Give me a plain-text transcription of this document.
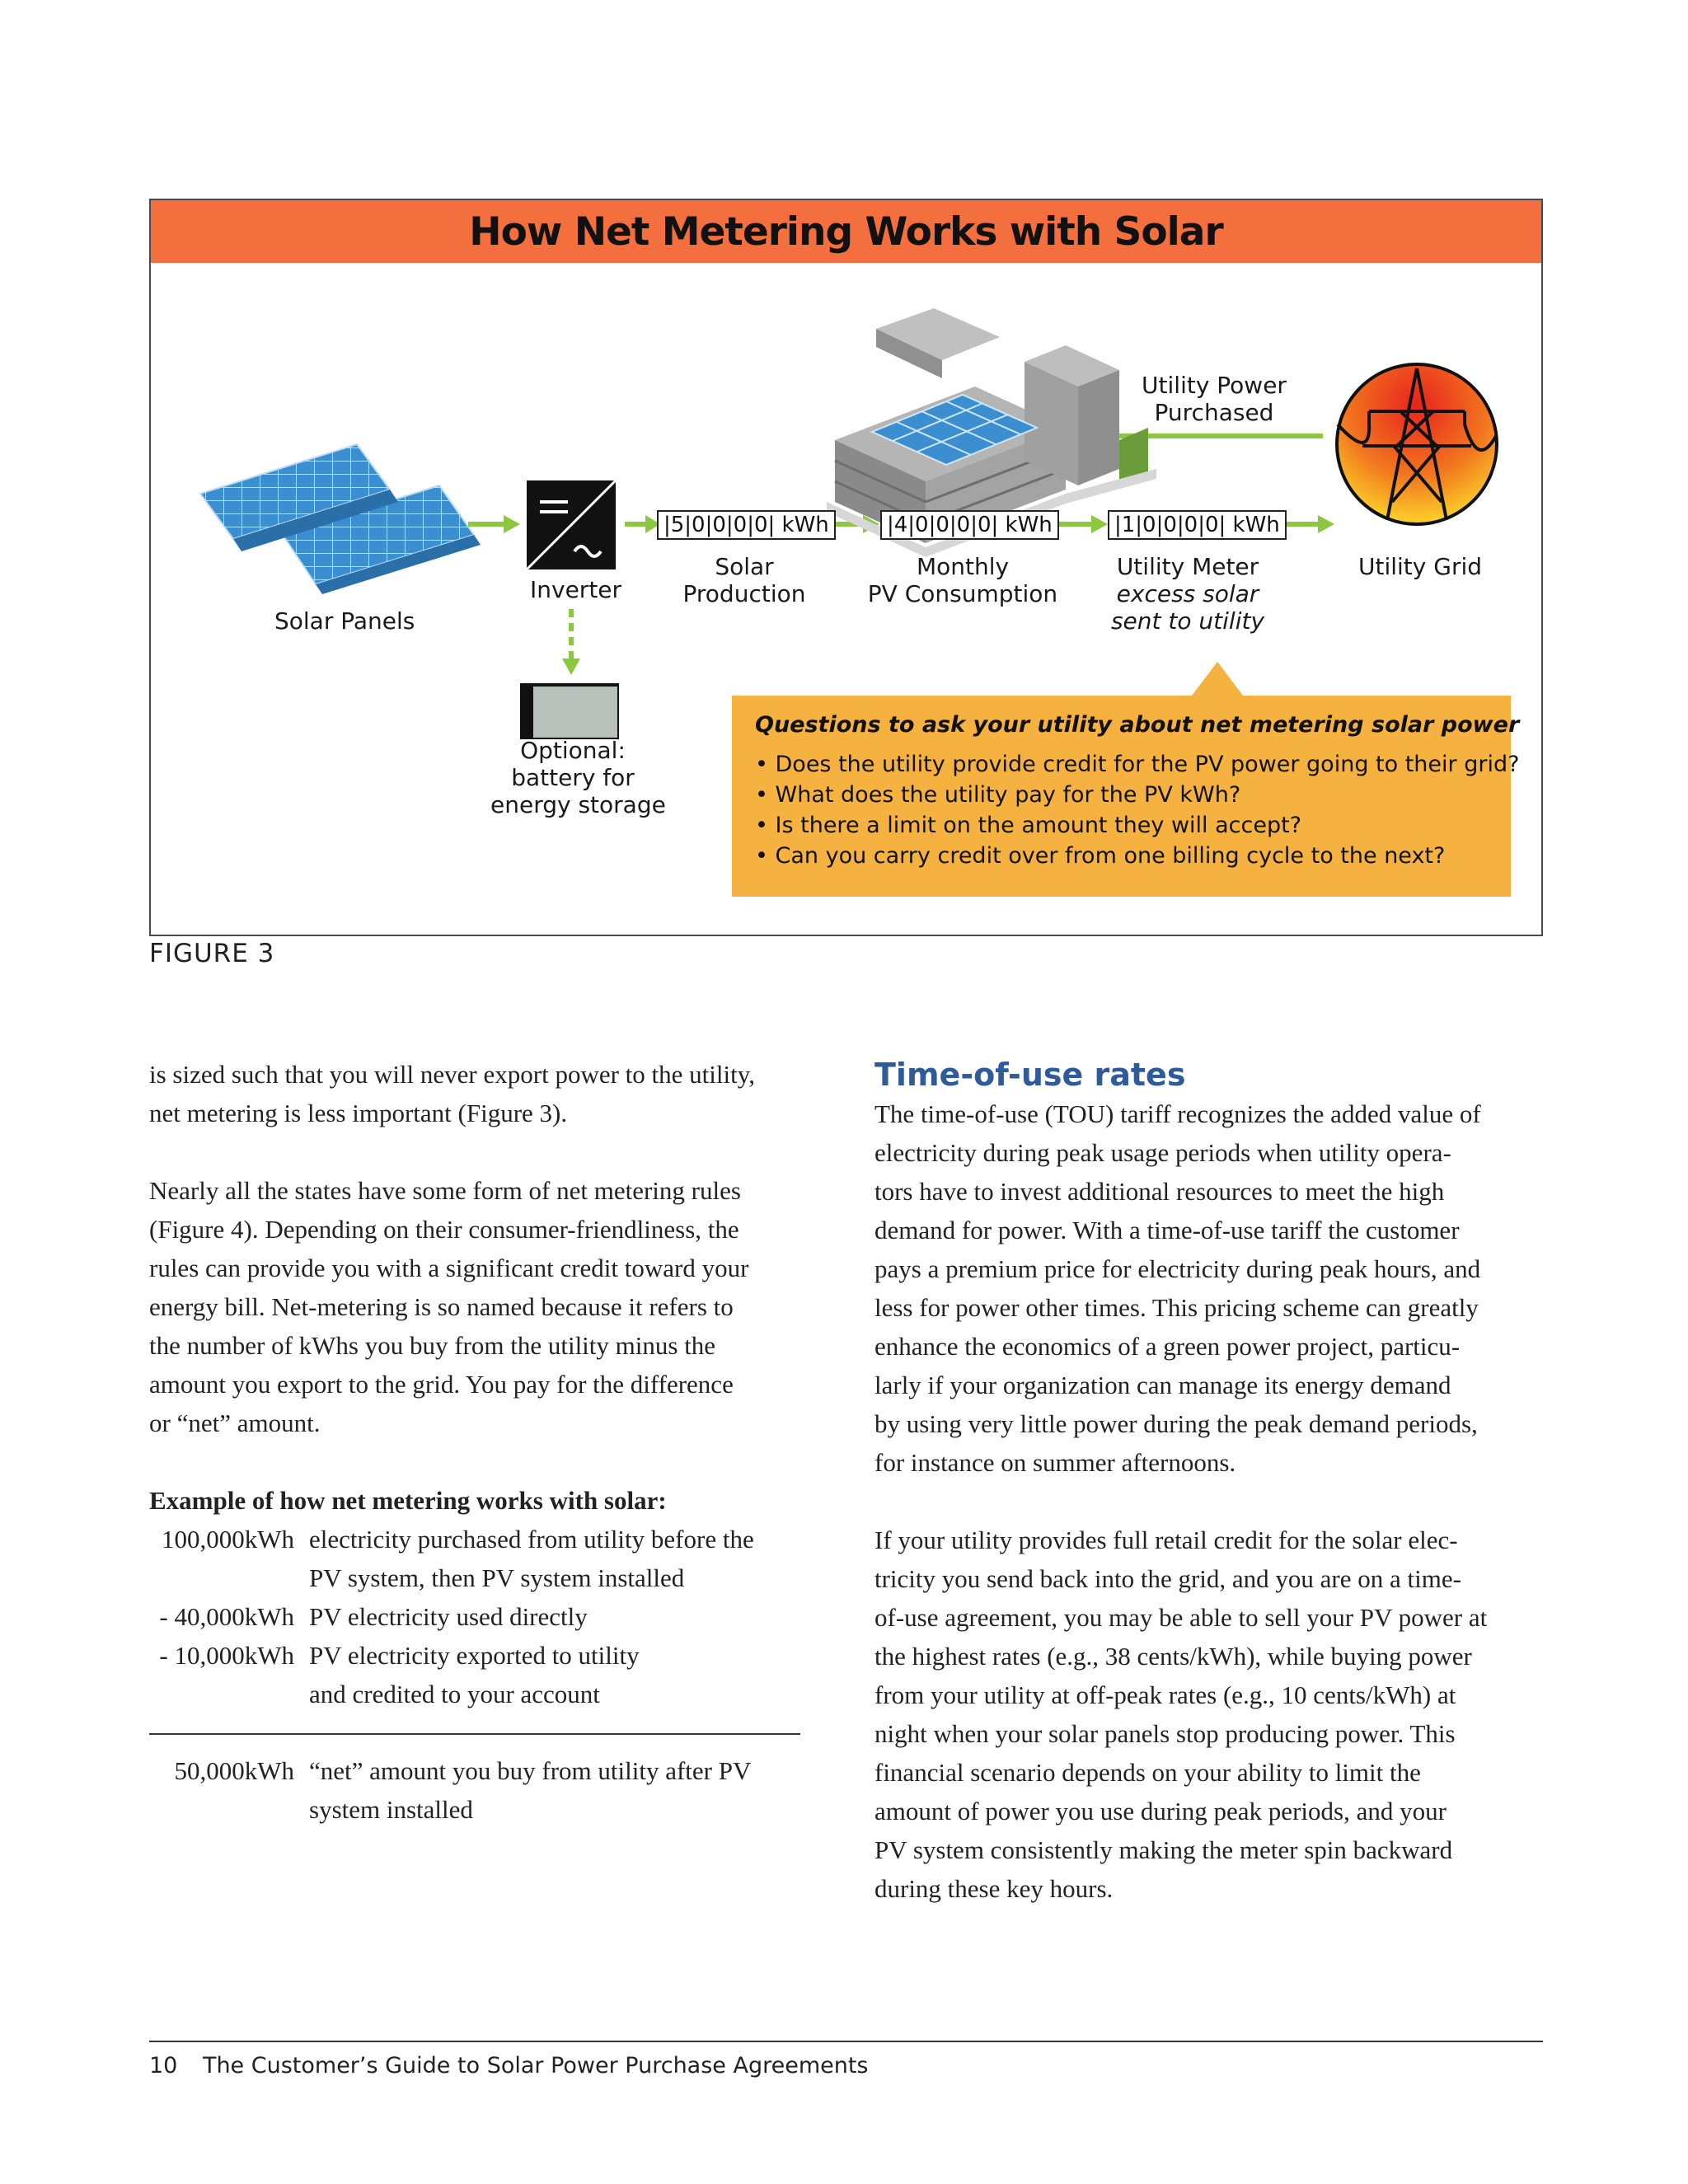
How Net Metering Works with Solar
|5|0|0|0|0| kWh	|4|0|0|0|0| kWh	|1|0|0|0|0| kWh
Solar Panels
Inverter
Optional:
battery for
energy storage
Solar
Production
Monthly
PV Consumption
Utility Meter
excess solar
sent to utility
Utility Grid
Utility Power
Purchased
Questions to ask your utility about net metering solar power
• Does the utility provide credit for the PV power going to their grid?
• What does the utility pay for the PV kWh?
• Is there a limit on the amount they will accept?
• Can you carry credit over from one billing cycle to the next?
FIGURE 3

is sized such that you will never export power to the utility,
net metering is less important (Figure 3).

Nearly all the states have some form of net metering rules
(Figure 4). Depending on their consumer-friendliness, the
rules can provide you with a significant credit toward your
energy bill. Net-metering is so named because it refers to
the number of kWhs you buy from the utility minus the
amount you export to the grid. You pay for the difference
or “net” amount.

Example of how net metering works with solar:

100,000kWh electricity purchased from utility before the
PV system, then PV system installed
- 40,000kWh PV electricity used directly
- 10,000kWh PV electricity exported to utility
and credited to your account
50,000kWh “net” amount you buy from utility after PV
system installed
Time-of-use rates

The time-of-use (TOU) tariff recognizes the added value of
electricity during peak usage periods when utility opera-
tors have to invest additional resources to meet the high
demand for power. With a time-of-use tariff the customer
pays a premium price for electricity during peak hours, and
less for power other times. This pricing scheme can greatly
enhance the economics of a green power project, particu-
larly if your organization can manage its energy demand
by using very little power during the peak demand periods,
for instance on summer afternoons.

If your utility provides full retail credit for the solar elec-
tricity you send back into the grid, and you are on a time-
of-use agreement, you may be able to sell your PV power at
the highest rates (e.g., 38 cents/kWh), while buying power
from your utility at off-peak rates (e.g., 10 cents/kWh) at
night when your solar panels stop producing power. This
financial scenario depends on your ability to limit the
amount of power you use during peak periods, and your
PV system consistently making the meter spin backward
during these key hours.

10 The Customer’s Guide to Solar Power Purchase Agreements
